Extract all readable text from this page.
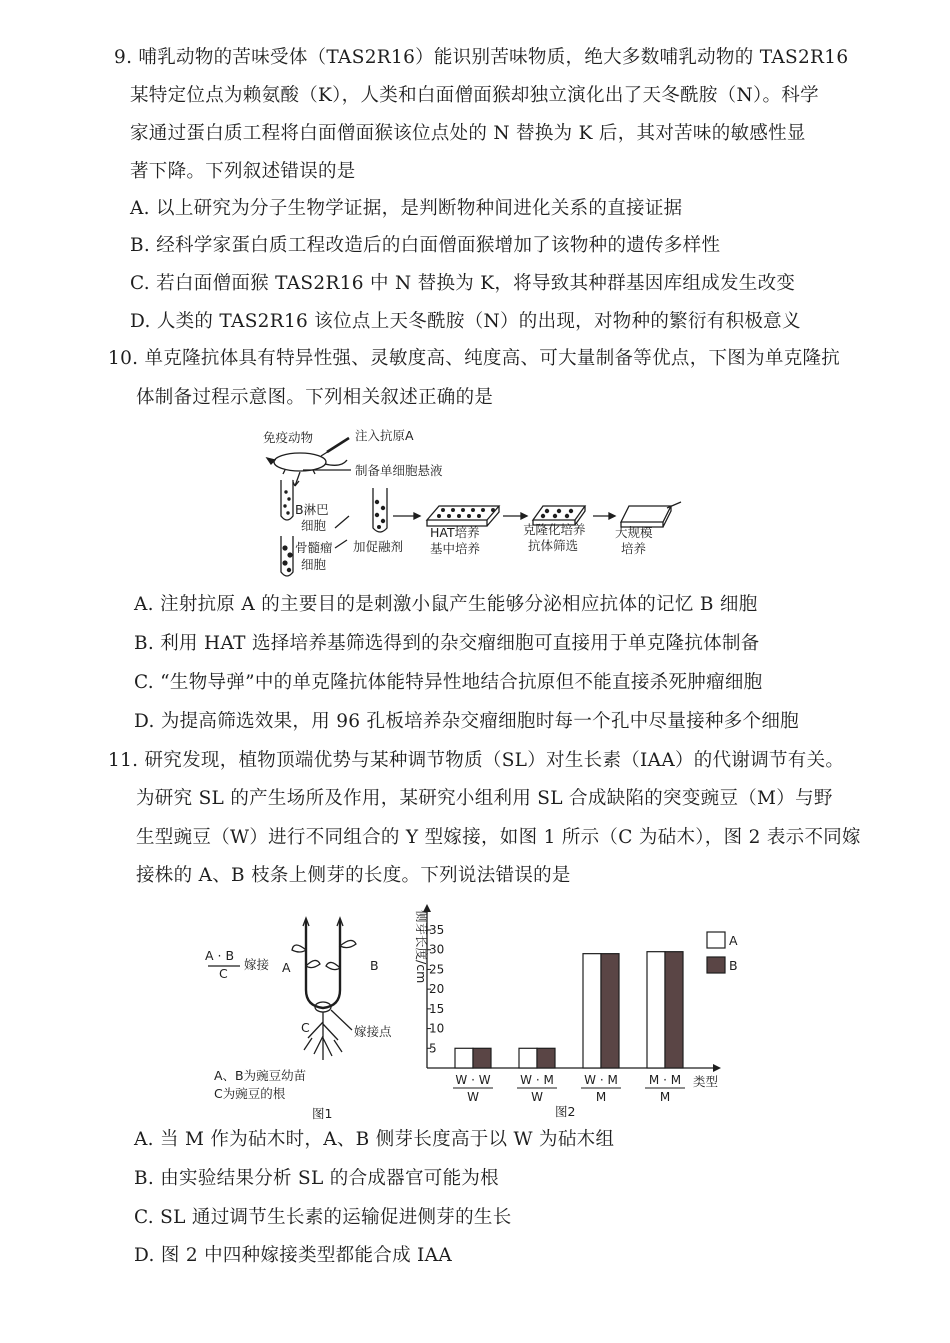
9. 哺乳动物的苦味受体（TAS2R16）能识别苦味物质，绝大多数哺乳动物的 TAS2R16

某特定位点为赖氨酸（K），人类和白面僧面猴却独立演化出了天冬酰胺（N）。科学

家通过蛋白质工程将白面僧面猴该位点处的 N 替换为 K 后，其对苦味的敏感性显

著下降。下列叙述错误的是

A. 以上研究为分子生物学证据，是判断物种间进化关系的直接证据

B. 经科学家蛋白质工程改造后的白面僧面猴增加了该物种的遗传多样性

C. 若白面僧面猴 TAS2R16 中 N 替换为 K，将导致其种群基因库组成发生改变

D. 人类的 TAS2R16 该位点上天冬酰胺（N）的出现，对物种的繁衍有积极意义

10. 单克隆抗体具有特异性强、灵敏度高、纯度高、可大量制备等优点，下图为单克隆抗

体制备过程示意图。下列相关叙述正确的是

免疫动物	注入抗原A
制备单细胞悬液
B淋巴
细胞
骨髓瘤
细胞
加促融剂
HAT培养
基中培养
克隆化培养
抗体筛选
大规模
培养

A. 注射抗原 A 的主要目的是刺激小鼠产生能够分泌相应抗体的记忆 B 细胞

B. 利用 HAT 选择培养基筛选得到的杂交瘤细胞可直接用于单克隆抗体制备

C. “生物导弹”中的单克隆抗体能特异性地结合抗原但不能直接杀死肿瘤细胞

D. 为提高筛选效果，用 96 孔板培养杂交瘤细胞时每一个孔中尽量接种多个细胞

11. 研究发现，植物顶端优势与某种调节物质（SL）对生长素（IAA）的代谢调节有关。

为研究 SL 的产生场所及作用，某研究小组利用 SL 合成缺陷的突变豌豆（M）与野

生型豌豆（W）进行不同组合的 Y 型嫁接，如图 1 所示（C 为砧木），图 2 表示不同嫁

接株的 A、B 枝条上侧芽的长度。下列说法错误的是

A · B
C
嫁接 A	B
C	嫁接点
A、B为豌豆幼苗
C为豌豆的根
图1
侧芽长度/cm
类型
5
10
15
20
25
30
35
W · W
W
W · M
W
W · M
M
M · M
M
A
B
图2

A. 当 M 作为砧木时，A、B 侧芽长度高于以 W 为砧木组

B. 由实验结果分析 SL 的合成器官可能为根

C. SL 通过调节生长素的运输促进侧芽的生长

D. 图 2 中四种嫁接类型都能合成 IAA
